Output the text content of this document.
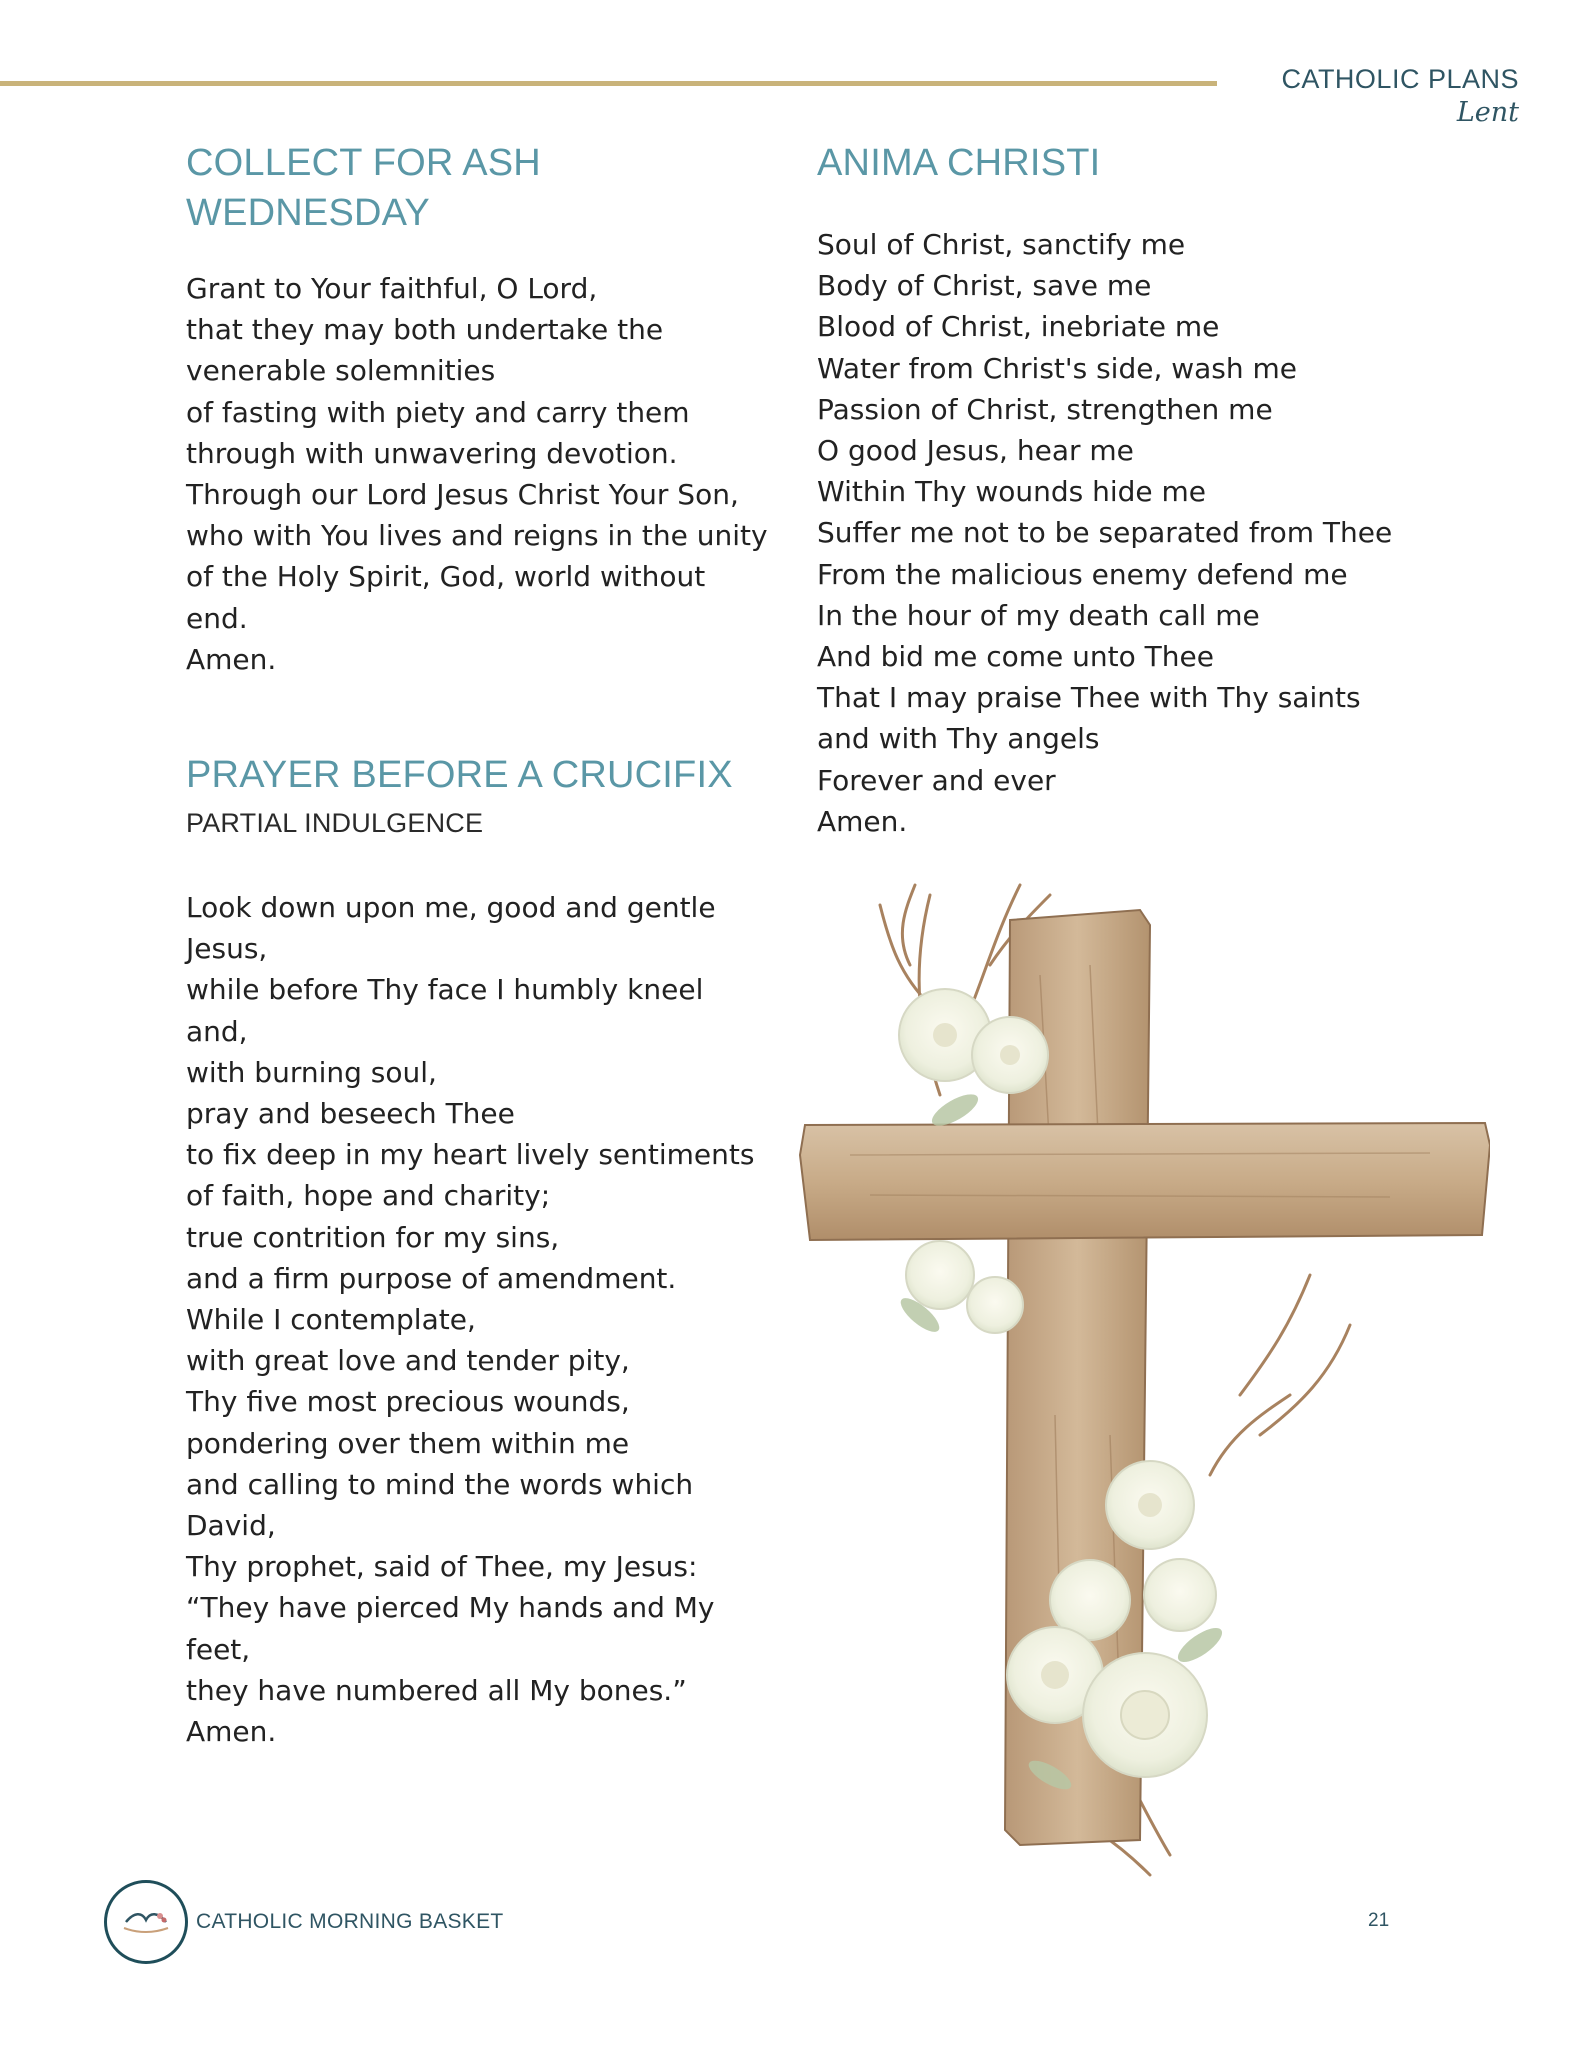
CATHOLIC PLANS
Lent
COLLECT FOR ASH
WEDNESDAY
Grant to Your faithful, O Lord,
that they may both undertake the
venerable solemnities
of fasting with piety and carry them
through with unwavering devotion.
Through our Lord Jesus Christ Your Son,
who with You lives and reigns in the unity
of the Holy Spirit, God, world without
end.
Amen.
PRAYER BEFORE A CRUCIFIX
PARTIAL INDULGENCE
Look down upon me, good and gentle
Jesus,
while before Thy face I humbly kneel
and,
with burning soul,
pray and beseech Thee
to fix deep in my heart lively sentiments
of faith, hope and charity;
true contrition for my sins,
and a firm purpose of amendment.
While I contemplate,
with great love and tender pity,
Thy five most precious wounds,
pondering over them within me
and calling to mind the words which
David,
Thy prophet, said of Thee, my Jesus:
“They have pierced My hands and My
feet,
they have numbered all My bones.”
Amen.
ANIMA CHRISTI
Soul of Christ, sanctify me
Body of Christ, save me
Blood of Christ, inebriate me
Water from Christ's side, wash me
Passion of Christ, strengthen me
O good Jesus, hear me
Within Thy wounds hide me
Suffer me not to be separated from Thee
From the malicious enemy defend me
In the hour of my death call me
And bid me come unto Thee
That I may praise Thee with Thy saints
and with Thy angels
Forever and ever
Amen.
CATHOLIC MORNING BASKET	21
